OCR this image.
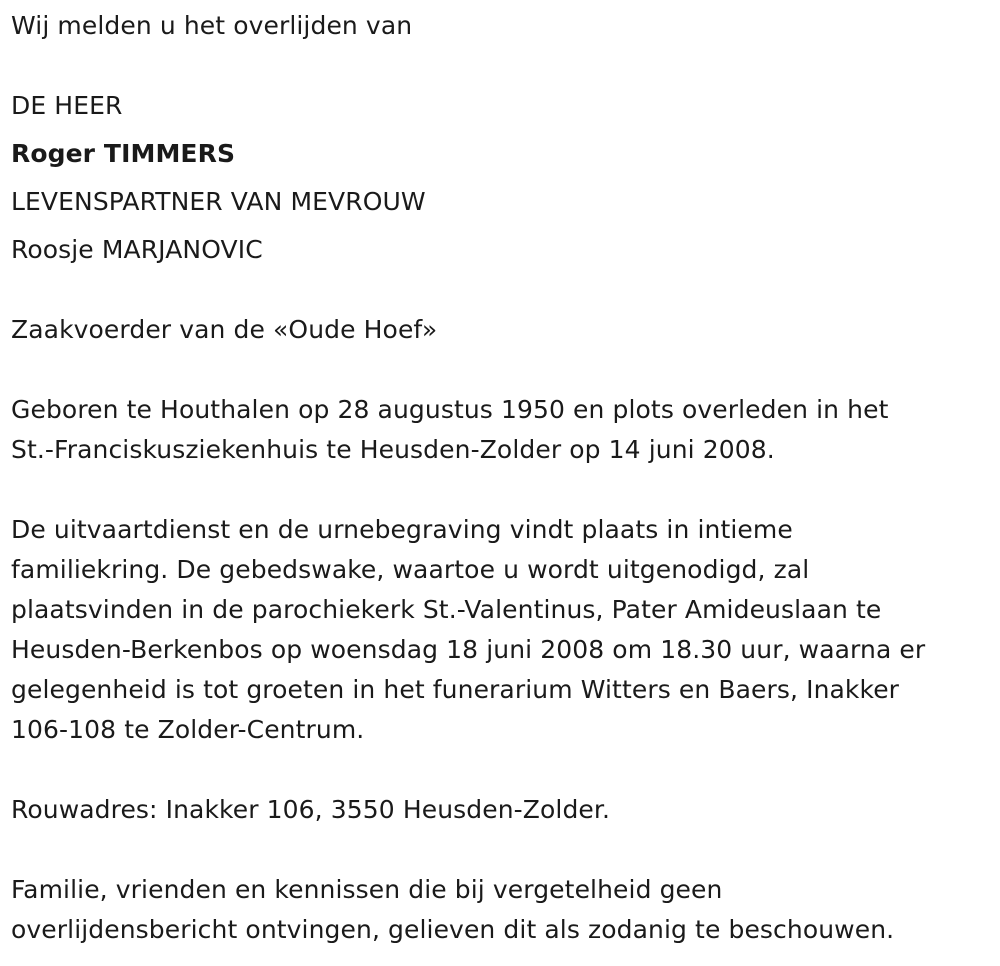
Wij melden u het overlijden van
DE HEER
Roger TIMMERS
LEVENSPARTNER VAN MEVROUW
Roosje MARJANOVIC
Zaakvoerder van de «Oude Hoef»
Geboren te Houthalen op 28 augustus 1950 en plots overleden in het
St.-Franciskusziekenhuis te Heusden-Zolder op 14 juni 2008.
De uitvaartdienst en de urnebegraving vindt plaats in intieme
familiekring. De gebedswake, waartoe u wordt uitgenodigd, zal
plaatsvinden in de parochiekerk St.-Valentinus, Pater Amideuslaan te
Heusden-Berkenbos op woensdag 18 juni 2008 om 18.30 uur, waarna er
gelegenheid is tot groeten in het funerarium Witters en Baers, Inakker
106-108 te Zolder-Centrum.
Rouwadres: Inakker 106, 3550 Heusden-Zolder.
Familie, vrienden en kennissen die bij vergetelheid geen
overlijdensbericht ontvingen, gelieven dit als zodanig te beschouwen.
